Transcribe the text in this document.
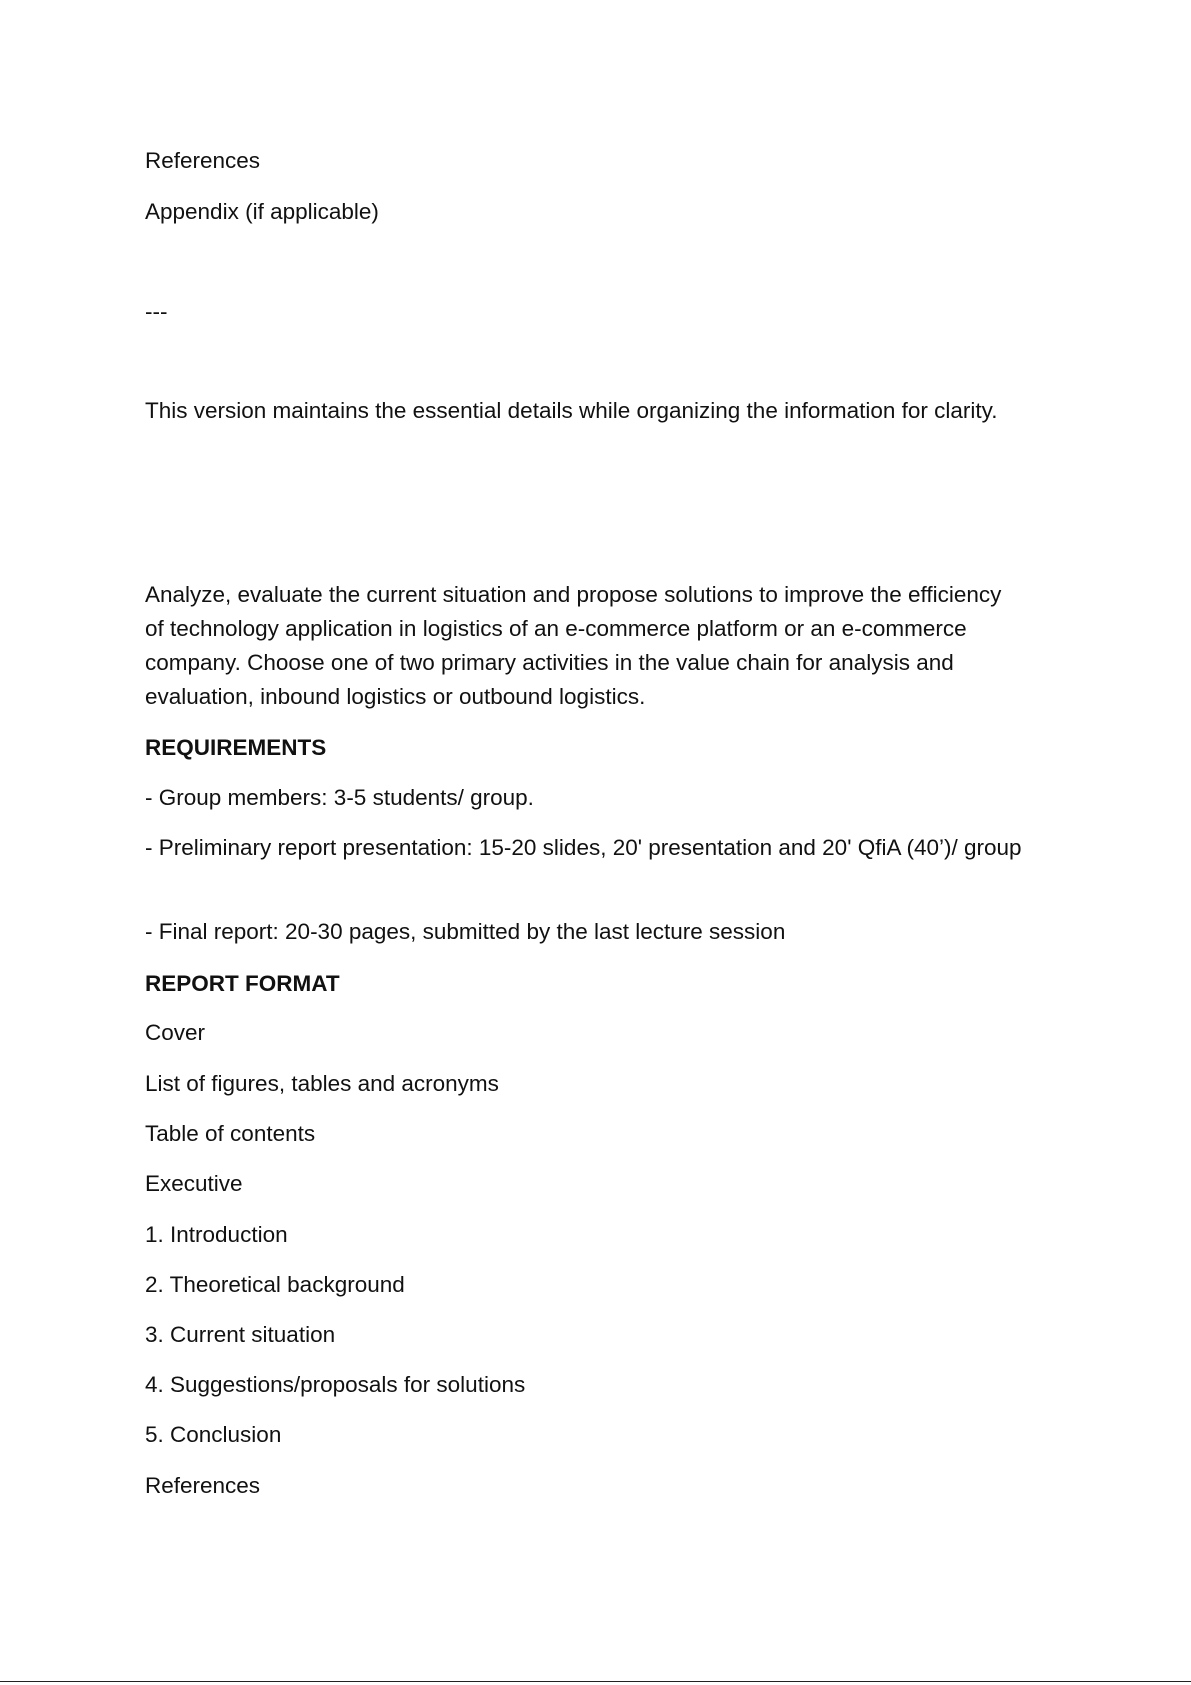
References

Appendix (if applicable)

---

This version maintains the essential details while organizing the information for clarity.

Analyze, evaluate the current situation and propose solutions to improve the efficiency of technology application in logistics of an e-commerce platform or an e-commerce company. Choose one of two primary activities in the value chain for analysis and evaluation, inbound logistics or outbound logistics.

REQUIREMENTS

- Group members: 3-5 students/ group.

- Preliminary report presentation: 15-20 slides, 20' presentation and 20' QfiA (40’)/ group

- Final report: 20-30 pages, submitted by the last lecture session

REPORT FORMAT

Cover

List of figures, tables and acronyms

Table of contents

Executive

1. Introduction

2. Theoretical background

3. Current situation

4. Suggestions/proposals for solutions

5. Conclusion

References
